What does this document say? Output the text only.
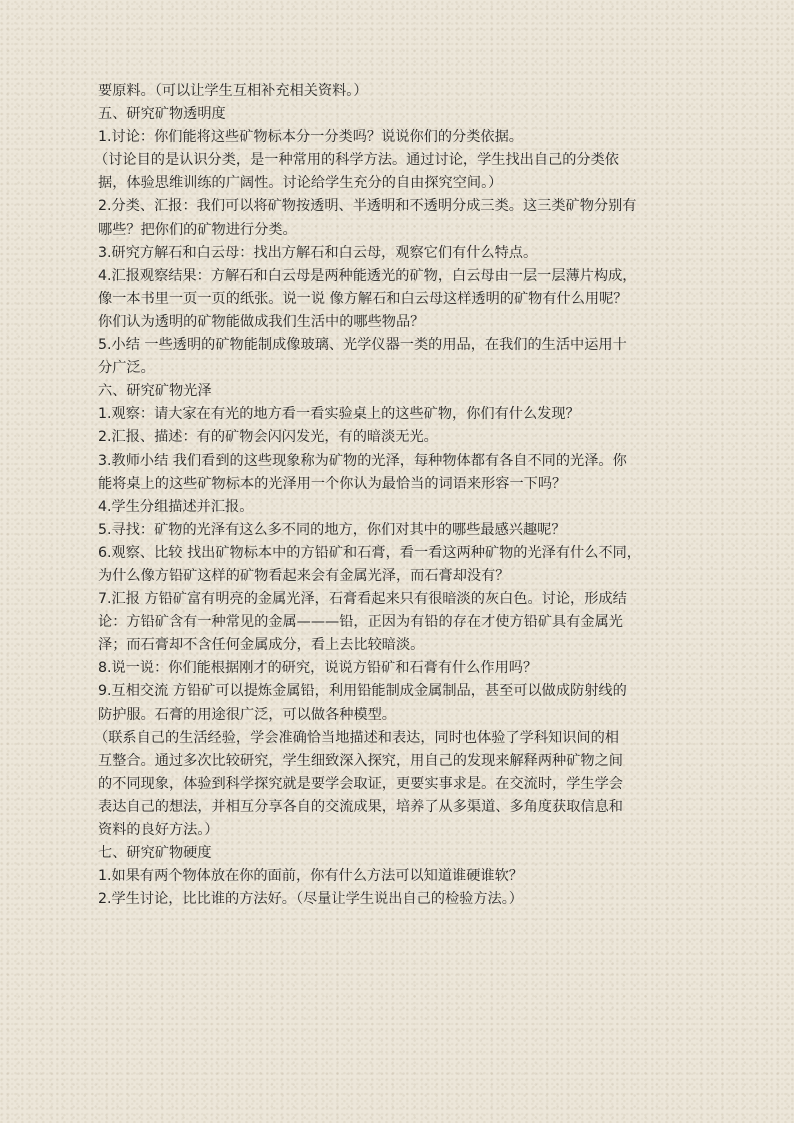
要原料。（可以让学生互相补充相关资料。）
五、研究矿物透明度
1.讨论：你们能将这些矿物标本分一分类吗？说说你们的分类依据。
（讨论目的是认识分类，是一种常用的科学方法。通过讨论，学生找出自己的分类依
据，体验思维训练的广阔性。讨论给学生充分的自由探究空间。）
2.分类、汇报：我们可以将矿物按透明、半透明和不透明分成三类。这三类矿物分别有
哪些？把你们的矿物进行分类。
3.研究方解石和白云母：找出方解石和白云母，观察它们有什么特点。
4.汇报观察结果：方解石和白云母是两种能透光的矿物，白云母由一层一层薄片构成，
像一本书里一页一页的纸张。说一说 像方解石和白云母这样透明的矿物有什么用呢？
你们认为透明的矿物能做成我们生活中的哪些物品？
5.小结 一些透明的矿物能制成像玻璃、光学仪器一类的用品，在我们的生活中运用十
分广泛。
六、研究矿物光泽
1.观察：请大家在有光的地方看一看实验桌上的这些矿物，你们有什么发现？
2.汇报、描述：有的矿物会闪闪发光，有的暗淡无光。
3.教师小结 我们看到的这些现象称为矿物的光泽，每种物体都有各自不同的光泽。你
能将桌上的这些矿物标本的光泽用一个你认为最恰当的词语来形容一下吗？
4.学生分组描述并汇报。
5.寻找：矿物的光泽有这么多不同的地方，你们对其中的哪些最感兴趣呢？
6.观察、比较 找出矿物标本中的方铅矿和石膏，看一看这两种矿物的光泽有什么不同，
为什么像方铅矿这样的矿物看起来会有金属光泽，而石膏却没有？
7.汇报 方铅矿富有明亮的金属光泽，石膏看起来只有很暗淡的灰白色。讨论，形成结
论：方铅矿含有一种常见的金属———铅，正因为有铅的存在才使方铅矿具有金属光
泽；而石膏却不含任何金属成分，看上去比较暗淡。
8.说一说：你们能根据刚才的研究，说说方铅矿和石膏有什么作用吗？
9.互相交流 方铅矿可以提炼金属铅，利用铅能制成金属制品，甚至可以做成防射线的
防护服。石膏的用途很广泛，可以做各种模型。
（联系自己的生活经验，学会准确恰当地描述和表达，同时也体验了学科知识间的相
互整合。通过多次比较研究，学生细致深入探究，用自己的发现来解释两种矿物之间
的不同现象，体验到科学探究就是要学会取证，更要实事求是。在交流时，学生学会
表达自己的想法，并相互分享各自的交流成果，培养了从多渠道、多角度获取信息和
资料的良好方法。）
七、研究矿物硬度
1.如果有两个物体放在你的面前，你有什么方法可以知道谁硬谁软？
2.学生讨论，比比谁的方法好。（尽量让学生说出自己的检验方法。）
